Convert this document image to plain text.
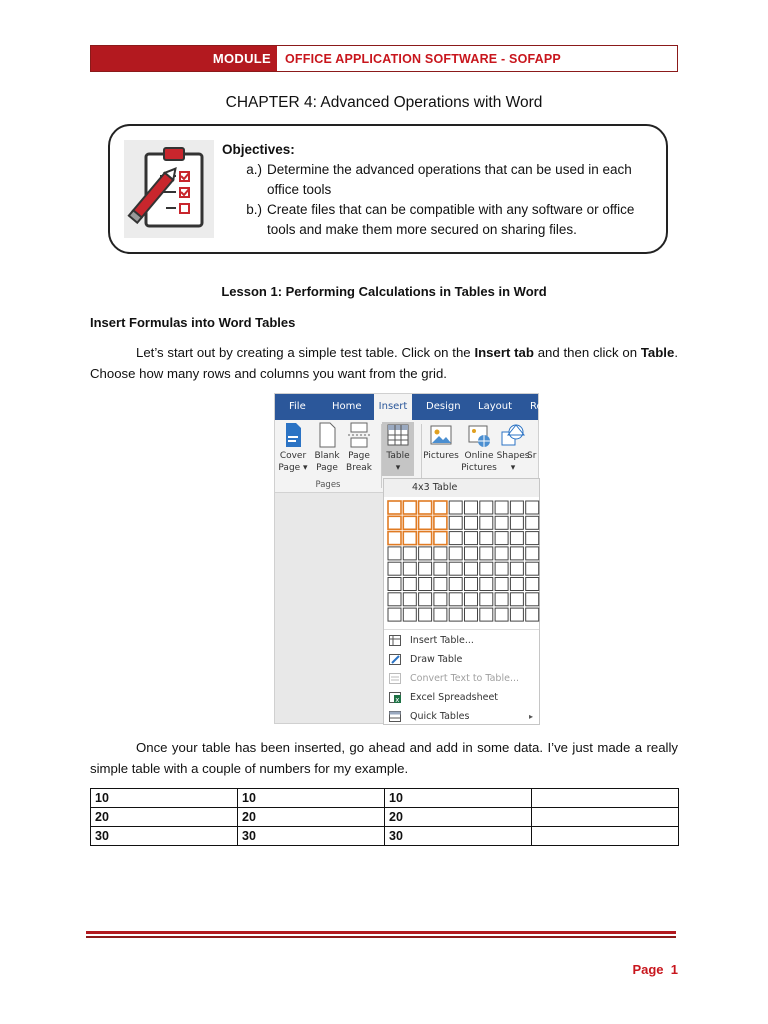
MODULE	OFFICE APPLICATION SOFTWARE - SOFAPP
CHAPTER 4: Advanced Operations with Word
Objectives:
a.) Determine the advanced operations that can be used in each office tools
b.) Create files that can be compatible with any software or office tools and make them more secured on sharing files.
Lesson 1: Performing Calculations in Tables in Word
Insert Formulas into Word Tables
Let’s start out by creating a simple test table. Click on the Insert tab and then click on Table. Choose how many rows and columns you want from the grid.
File	Home	Insert	Design Layout Re
Cover
Page ▾
Blank
Page
Page
Break
Table
▾
Pictures Online
Pictures
Shapes
▾
Sr
Pages	4x3 Table
Insert Table...
Draw Table
Convert Text to Table...
x Excel Spreadsheet
Quick Tables	▸
Once your table has been inserted, go ahead and add in some data. I’ve just made a really simple table with a couple of numbers for my example.
10	10	10	
20	20	20	
30	30	30	
Page 1
